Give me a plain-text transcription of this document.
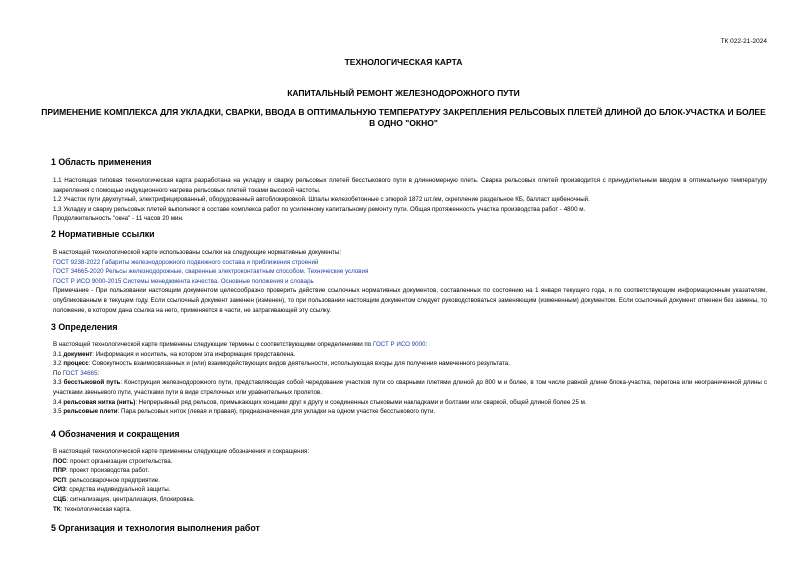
ТК 022-21-2024
ТЕХНОЛОГИЧЕСКАЯ КАРТА
КАПИТАЛЬНЫЙ РЕМОНТ ЖЕЛЕЗНОДОРОЖНОГО ПУТИ
ПРИМЕНЕНИЕ КОМПЛЕКСА ДЛЯ УКЛАДКИ, СВАРКИ, ВВОДА В ОПТИМАЛЬНУЮ ТЕМПЕРАТУРУ ЗАКРЕПЛЕНИЯ РЕЛЬСОВЫХ ПЛЕТЕЙ ДЛИНОЙ ДО БЛОК-УЧАСТКА И БОЛЕЕ В ОДНО "ОКНО"
1 Область применения
1.1 Настоящая типовая технологическая карта разработана на укладку и сварку рельсовых плетей бесстыкового пути в длинномерную плеть. Сварка рельсовых плетей производится с принудительным вводом в оптимальную температуру закрепления с помощью индукционного нагрева рельсовых плетей токами высокой частоты.
1.2 Участок пути двухпутный, электрифицированный, оборудованный автоблокировкой. Шпалы железобетонные с эпюрой 1872 шт./км, скрепление раздельное КБ, балласт щебеночный.
1.3 Укладку и сварку рельсовых плетей выполняют в составе комплекса работ по усиленному капитальному ремонту пути. Общая протяженность участка производства работ - 4800 м.
Продолжительность "окна" - 11 часов 20 мин.
2 Нормативные ссылки
В настоящей технологической карте использованы ссылки на следующие нормативные документы:
ГОСТ 9238-2022 Габариты железнодорожного подвижного состава и приближения строений
ГОСТ 34665-2020 Рельсы железнодорожные, сваренные электроконтактным способом. Технические условия
ГОСТ Р ИСО 9000-2015 Системы менеджмента качества. Основные положения и словарь
Примечание - При пользовании настоящим документом целесообразно проверить действие ссылочных нормативных документов, составленных по состоянию на 1 января текущего года, и по соответствующим информационным указателям, опубликованным в текущем году. Если ссылочный документ заменен (изменен), то при пользовании настоящим документом следует руководствоваться заменяющим (измененным) документом. Если ссылочный документ отменен без замены, то положение, в котором дана ссылка на него, применяется в части, не затрагивающей эту ссылку.
3 Определения
В настоящей технологической карте применены следующие термины с соответствующими определениями по ГОСТ Р ИСО 9000:
3.1 документ: Информация и носитель, на котором эта информация представлена.
3.2 процесс: Совокупность взаимосвязанных и (или) взаимодействующих видов деятельности, использующая входы для получения намеченного результата.
По ГОСТ 34665:
3.3 бесстыковой путь: Конструкция железнодорожного пути, представляющая собой чередование участков пути со сварными плетями длиной до 800 м и более, в том числе равной длине блока-участка, перегона или неограниченной длины с участками звеньевого пути, участками пути в виде стрелочных или уравнительных пролетов.
3.4 рельсовая нитка (нить): Непрерывный ряд рельсов, примыкающих концами друг к другу и соединенных стыковыми накладками и болтами или сваркой, общей длиной более 25 м.
3.5 рельсовые плети: Пара рельсовых ниток (левая и правая), предназначенная для укладки на одном участке бесстыкового пути.
4 Обозначения и сокращения
В настоящей технологической карте применены следующие обозначения и сокращения:
ПОС: проект организации строительства.
ППР: проект производства работ.
РСП: рельсосварочное предприятие.
СИЗ: средства индивидуальной защиты.
СЦБ: сигнализация, централизация, блокировка.
ТК: технологическая карта.
5 Организация и технология выполнения работ
